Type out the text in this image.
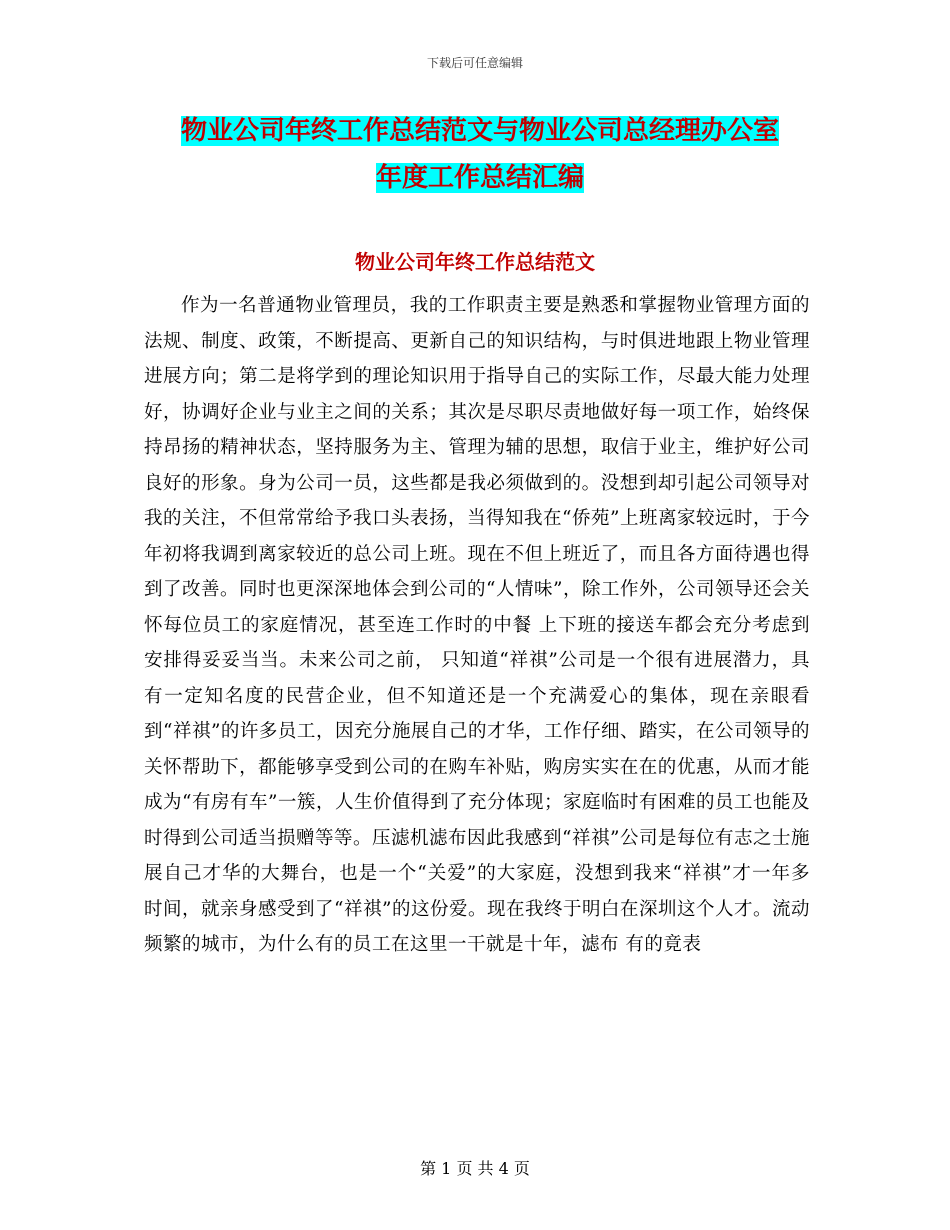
下载后可任意编辑
物业公司年终工作总结范文与物业公司总经理办公室
年度工作总结汇编
物业公司年终工作总结范文

作为一名普通物业管理员，我的工作职责主要是熟悉和掌握物业管理方面的法规、制度、政策，不断提高、更新自己的知识结构，与时俱进地跟上物业管理进展方向；第二是将学到的理论知识用于指导自己的实际工作，尽最大能力处理好，协调好企业与业主之间的关系；其次是尽职尽责地做好每一项工作，始终保持昂扬的精神状态，坚持服务为主、管理为辅的思想，取信于业主，维护好公司良好的形象。身为公司一员，这些都是我必须做到的。没想到却引起公司领导对我的关注，不但常常给予我口头表扬，当得知我在“侨苑”上班离家较远时，于今年初将我调到离家较近的总公司上班。现在不但上班近了，而且各方面待遇也得到了改善。同时也更深深地体会到公司的“人情味”，除工作外，公司领导还会关怀每位员工的家庭情况，甚至连工作时的中餐 上下班的接送车都会充分考虑到安排得妥妥当当。未来公司之前， 只知道“祥祺”公司是一个很有进展潜力，具有一定知名度的民营企业，但不知道还是一个充满爱心的集体，现在亲眼看到“祥祺”的许多员工，因充分施展自己的才华，工作仔细、踏实，在公司领导的关怀帮助下，都能够享受到公司的在购车补贴，购房实实在在的优惠，从而才能成为“有房有车”一簇，人生价值得到了充分体现；家庭临时有困难的员工也能及时得到公司适当损赠等等。压滤机滤布因此我感到“祥祺”公司是每位有志之士施展自己才华的大舞台，也是一个“关爱”的大家庭，没想到我来“祥祺”才一年多时间，就亲身感受到了“祥祺”的这份爱。现在我终于明白在深圳这个人才。流动频繁的城市，为什么有的员工在这里一干就是十年，滤布 有的竟表

第 1 页 共 4 页
